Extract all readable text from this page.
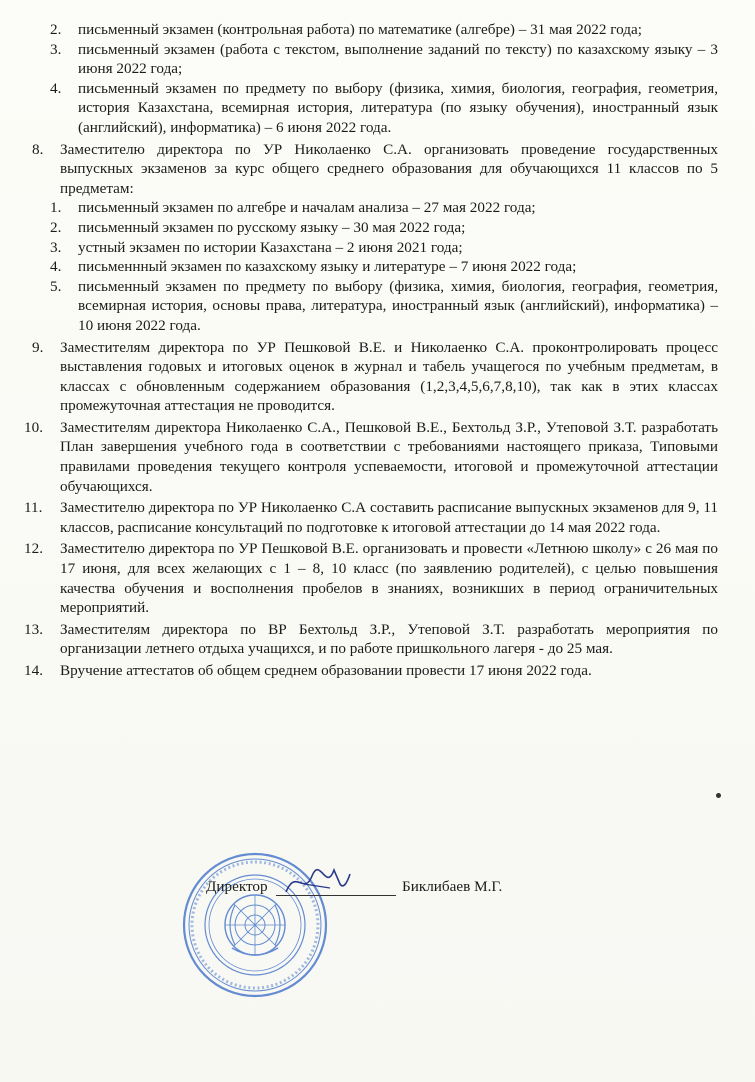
2. письменный экзамен (контрольная работа) по математике (алгебре) – 31 мая 2022 года;

3. письменный экзамен (работа с текстом, выполнение заданий по тексту) по казахскому языку – 3 июня 2022 года;

4. письменный экзамен по предмету по выбору (физика, химия, биология, география, геометрия, история Казахстана, всемирная история, литература (по языку обучения), иностранный язык (английский), информатика) – 6 июня 2022 года.

8. Заместителю директора по УР Николаенко С.А. организовать проведение государственных выпускных экзаменов за курс общего среднего образования для обучающихся 11 классов по 5 предметам:

1. письменный экзамен по алгебре и началам анализа – 27 мая 2022 года;

2. письменный экзамен по русскому языку – 30 мая 2022 года;

3. устный экзамен по истории Казахстана – 2 июня 2021 года;

4. письменнный экзамен по казахскому языку и литературе – 7 июня 2022 года;

5. письменный экзамен по предмету по выбору (физика, химия, биология, география, геометрия, всемирная история, основы права, литература, иностранный язык (английский), информатика) – 10 июня 2022 года.

9. Заместителям директора по УР Пешковой В.Е. и Николаенко С.А. проконтролировать процесс выставления годовых и итоговых оценок в журнал и табель учащегося по учебным предметам, в классах с обновленным содержанием образования (1,2,3,4,5,6,7,8,10), так как в этих классах промежуточная аттестация не проводится.

10. Заместителям директора Николаенко С.А., Пешковой В.Е., Бехтольд З.Р., Утеповой З.Т. разработать План завершения учебного года в соответствии с требованиями настоящего приказа, Типовыми правилами проведения текущего контроля успеваемости, итоговой и промежуточной аттестации обучающихся.

11. Заместителю директора по УР Николаенко С.А составить расписание выпускных экзаменов для 9, 11 классов, расписание консультаций по подготовке к итоговой аттестации до 14 мая 2022 года.

12. Заместителю директора по УР Пешковой В.Е. организовать и провести «Летнюю школу» с 26 мая по 17 июня, для всех желающих с 1 – 8, 10 класс (по заявлению родителей), с целью повышения качества обучения и восполнения пробелов в знаниях, возникших в период ограничительных мероприятий.

13. Заместителям директора по ВР Бехтольд З.Р., Утеповой З.Т. разработать мероприятия по организации летнего отдыха учащихся, и по работе пришкольного лагеря - до 25 мая.

14. Вручение аттестатов об общем среднем образовании провести 17 июня 2022 года.

Директор	Биклибаев М.Г.
